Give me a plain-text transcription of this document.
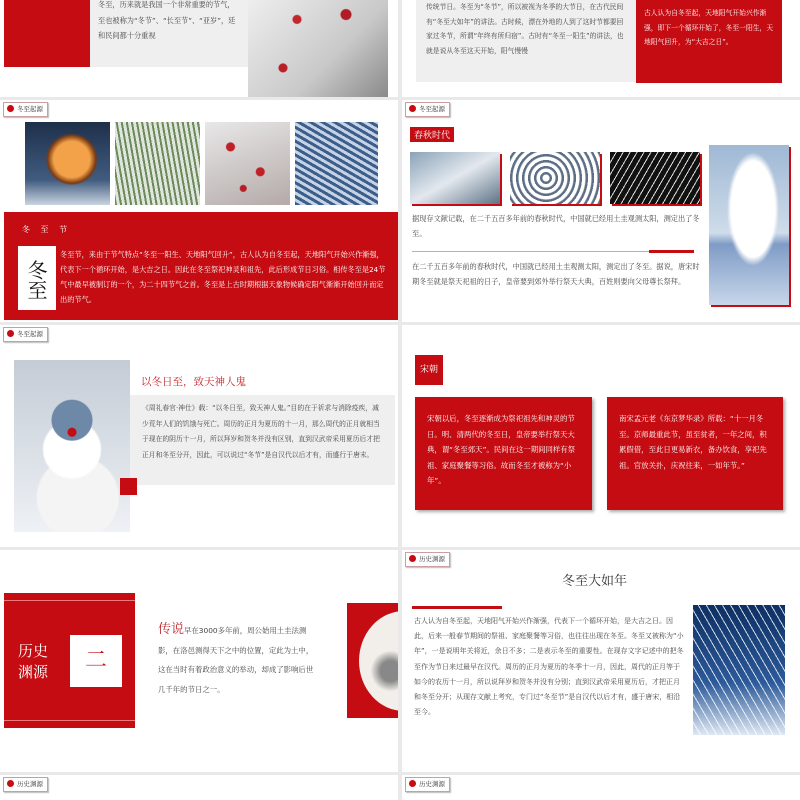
冬至，历来就是我国一个非常重要的节气，至也被称为“冬节”、“长至节”、“亚岁”，廷和民间都十分重视
传统节日。冬至为“冬节”，所以被视为冬季的大节日，在古代民间有“冬至大如年”的讲法。古时候，漂在外地的人到了这时节都要回家过冬节，所谓“年终有所归宿”。古时有“冬至一阳生”的讲法，也就是说从冬至这天开始，阳气慢慢
古人认为自冬至起，天地阳气开始兴作渐强，即下一个循环开始了，冬至一阳生，天地阳气回升，为“大吉之日”。
冬至起源
冬 至 节
冬至
冬至节，来由于节气特点“冬至一阳生、天地阳气回升”，古人认为自冬至起，天地阳气开始兴作渐强，代表下一个循环开始，是大吉之日。因此在冬至祭祀神灵和祖先，此后形成节日习俗。相传冬至是24节气中最早被制订的一个，为二十四节气之首。冬至是上古时期根据天象物候确定阳气渐渐开始回升而定出的节气。
冬至起源
春秋时代
据现存文献记载，在二千五百多年前的春秋时代，中国就已经用土圭观测太阳，测定出了冬至。
在二千五百多年前的春秋时代，中国就已经用土圭观测太阳，测定出了冬至。据说，唐宋时期冬至就是祭天祀祖的日子，皇帝要到郊外举行祭天大典，百姓则要向父母尊长祭拜。
冬至起源
以冬日至，致天神人鬼
《周礼春官·神仕》载：“以冬日至，致天神人鬼。”目的在于祈求与消除疫疾，减少荒年人们的饥饿与死亡。周历的正月为夏历的十一月，那么周代的正月就相当于现在的阴历十一月，所以拜岁和贺冬并没有区别，直到汉武帝采用夏历后才把正月和冬至分开，因此，可以说过“冬节”是自汉代以后才有，而盛行于唐末。
宋朝
宋朝以后，冬至逐渐成为祭祀祖先和神灵的节日。明、清两代的冬至日，皇帝要举行祭天大典，谓“冬至郊天”。民间在这一期间同样有祭祖、家庭聚餐等习俗。故而冬至才被称为“小年”。
南宋孟元老《东京梦华录》所载：“十一月冬至。京师最重此节，虽至贫者，一年之间，积累假借，至此日更易新衣，备办饮食，享祀先祖。官放关扑，庆祝往来，一如年节。”
历史渊源	二
传说早在3000多年前，周公始用土圭法测影，在洛邑测得天下之中的位置，定此为土中，这在当时有着政治意义的举动，却成了影响后世几千年的节日之一。
历史渊源
冬至大如年
古人认为自冬至起，天地阳气开始兴作渐强，代表下一个循环开始，是大吉之日。因此，后来一般春节期间的祭祖、家庭聚餐等习俗，也往往出现在冬至。冬至又被称为“小年”，一是说明年关将近，余日不多；二是表示冬至的重要性。在现存文字记述中的把冬至作为节日来过最早在汉代。周历的正月为夏历的冬季十一月，因此，周代的正月等于如今的农历十一月，所以说拜岁和贺冬并没有分别；直到汉武帝采用夏历后，才把正月和冬至分开；从现存文献上考究，专门过“冬至节”是自汉代以后才有，盛于唐宋，相沿至今。
历史渊源	历史渊源
